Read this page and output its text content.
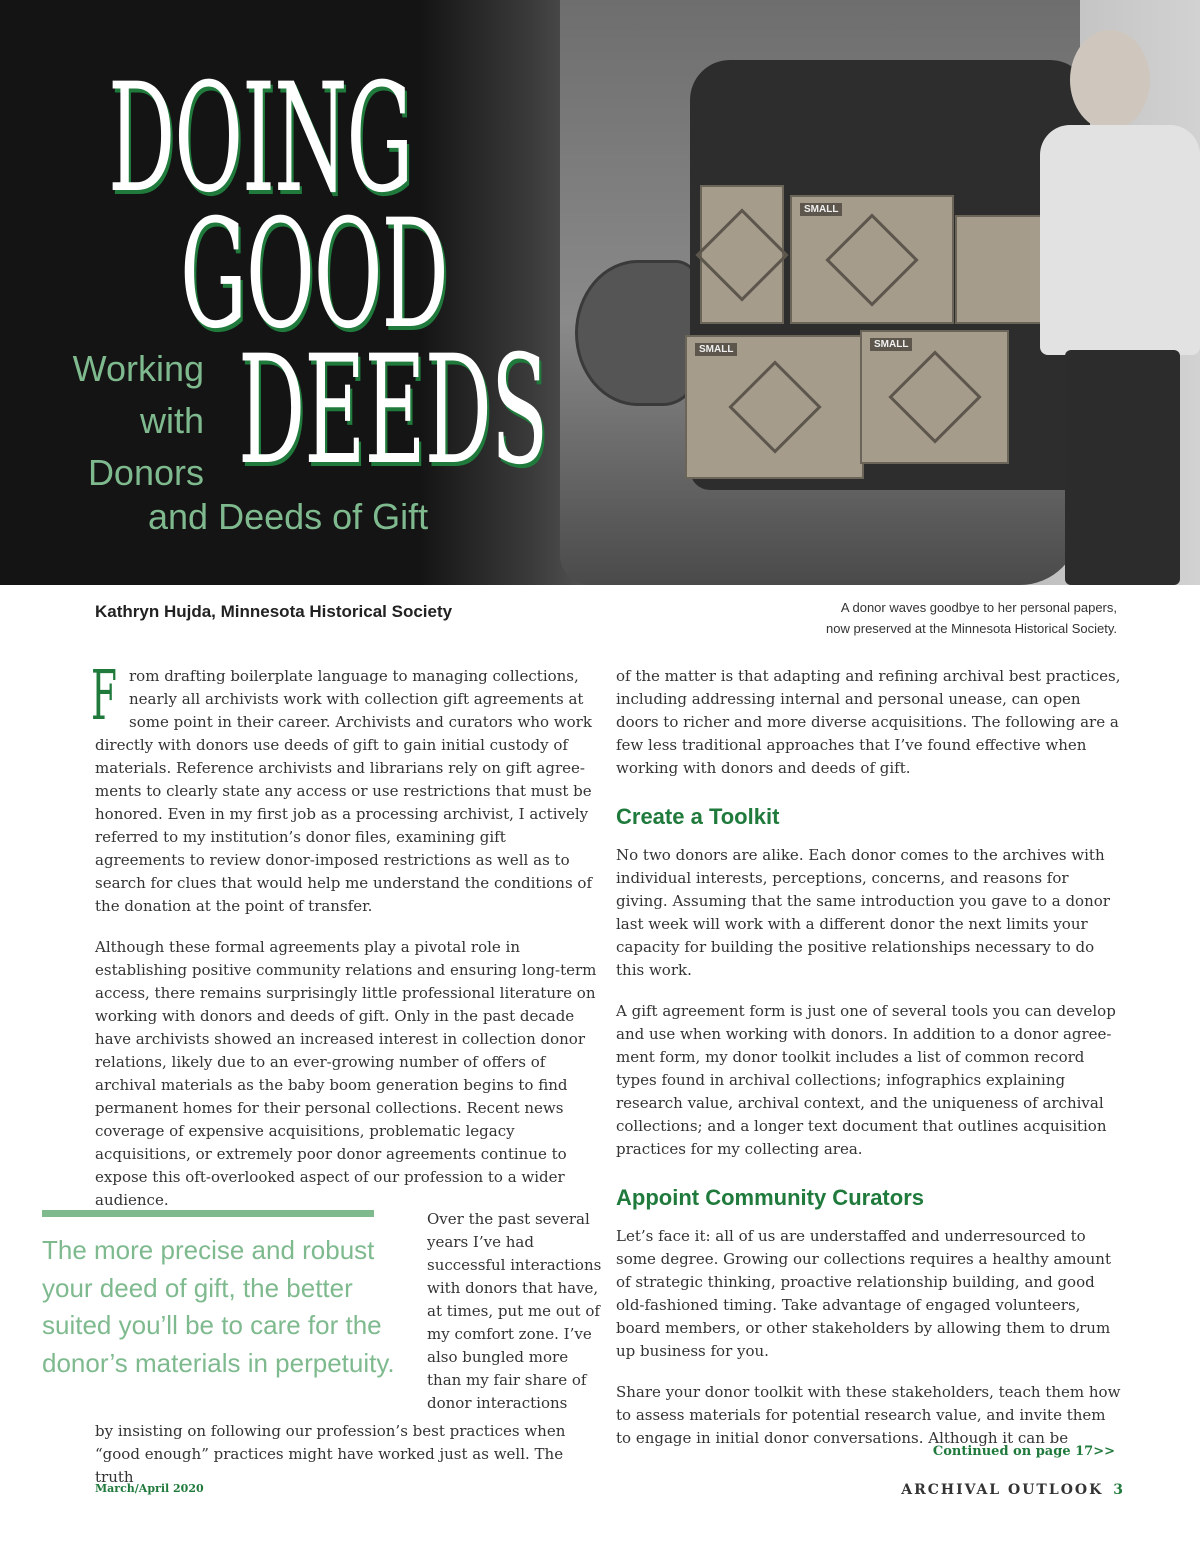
SMALL
SMALL	SMALL
DOING
GOOD
DEEDS
Working
with
Donors
and Deeds of Gift
Kathryn Hujda, Minnesota Historical Society	A donor waves goodbye to her personal papers,
now preserved at the Minnesota Historical Society.

F rom drafting boilerplate language to managing collections, nearly all archivists work with collection gift agreements at some point in their career. Archivists and curators who work directly with donors use deeds of gift to gain initial custody of materials. Reference archivists and librarians rely on gift agreements to clearly state any access or use restrictions that must be honored. Even in my first job as a processing archivist, I actively referred to my institution’s donor files, examining gift agreements to review donor-imposed restrictions as well as to search for clues that would help me understand the conditions of the donation at the point of transfer.

Although these formal agreements play a pivotal role in establishing positive community relations and ensuring long-term access, there remains surprisingly little professional literature on working with donors and deeds of gift. Only in the past decade have archivists showed an increased interest in collection donor relations, likely due to an ever-growing number of offers of archival materials as the baby boom generation begins to find permanent homes for their personal collections. Recent news coverage of expensive acquisitions, problematic legacy acquisitions, or extremely poor donor agreements continue to expose this oft-overlooked aspect of our profession to a wider audience.

The more precise and robust your deed of gift, the better suited you’ll be to care for the donor’s materials in perpetuity.

Over the past several years I’ve had successful interactions with donors that have, at times, put me out of my comfort zone. I’ve also bungled more than my fair share of donor interactions

by insisting on following our profession’s best practices when “good enough” practices might have worked just as well. The truth

of the matter is that adapting and refining archival best practices, including addressing internal and personal unease, can open doors to richer and more diverse acquisitions. The following are a few less traditional approaches that I’ve found effective when working with donors and deeds of gift.

Create a Toolkit

No two donors are alike. Each donor comes to the archives with individual interests, perceptions, concerns, and reasons for giving. Assuming that the same introduction you gave to a donor last week will work with a different donor the next limits your capacity for building the positive relationships necessary to do this work.

A gift agreement form is just one of several tools you can develop and use when working with donors. In addition to a donor agreement form, my donor toolkit includes a list of common record types found in archival collections; infographics explaining research value, archival context, and the uniqueness of archival collections; and a longer text document that outlines acquisition practices for my collecting area.

Appoint Community Curators

Let’s face it: all of us are understaffed and underresourced to some degree. Growing our collections requires a healthy amount of strategic thinking, proactive relationship building, and good old-fashioned timing. Take advantage of engaged volunteers, board members, or other stakeholders by allowing them to drum up business for you.

Share your donor toolkit with these stakeholders, teach them how to assess materials for potential research value, and invite them to engage in initial donor conversations. Although it can be

Continued on page 17>>
March/April 2020	ARCHIVAL OUTLOOK 3
